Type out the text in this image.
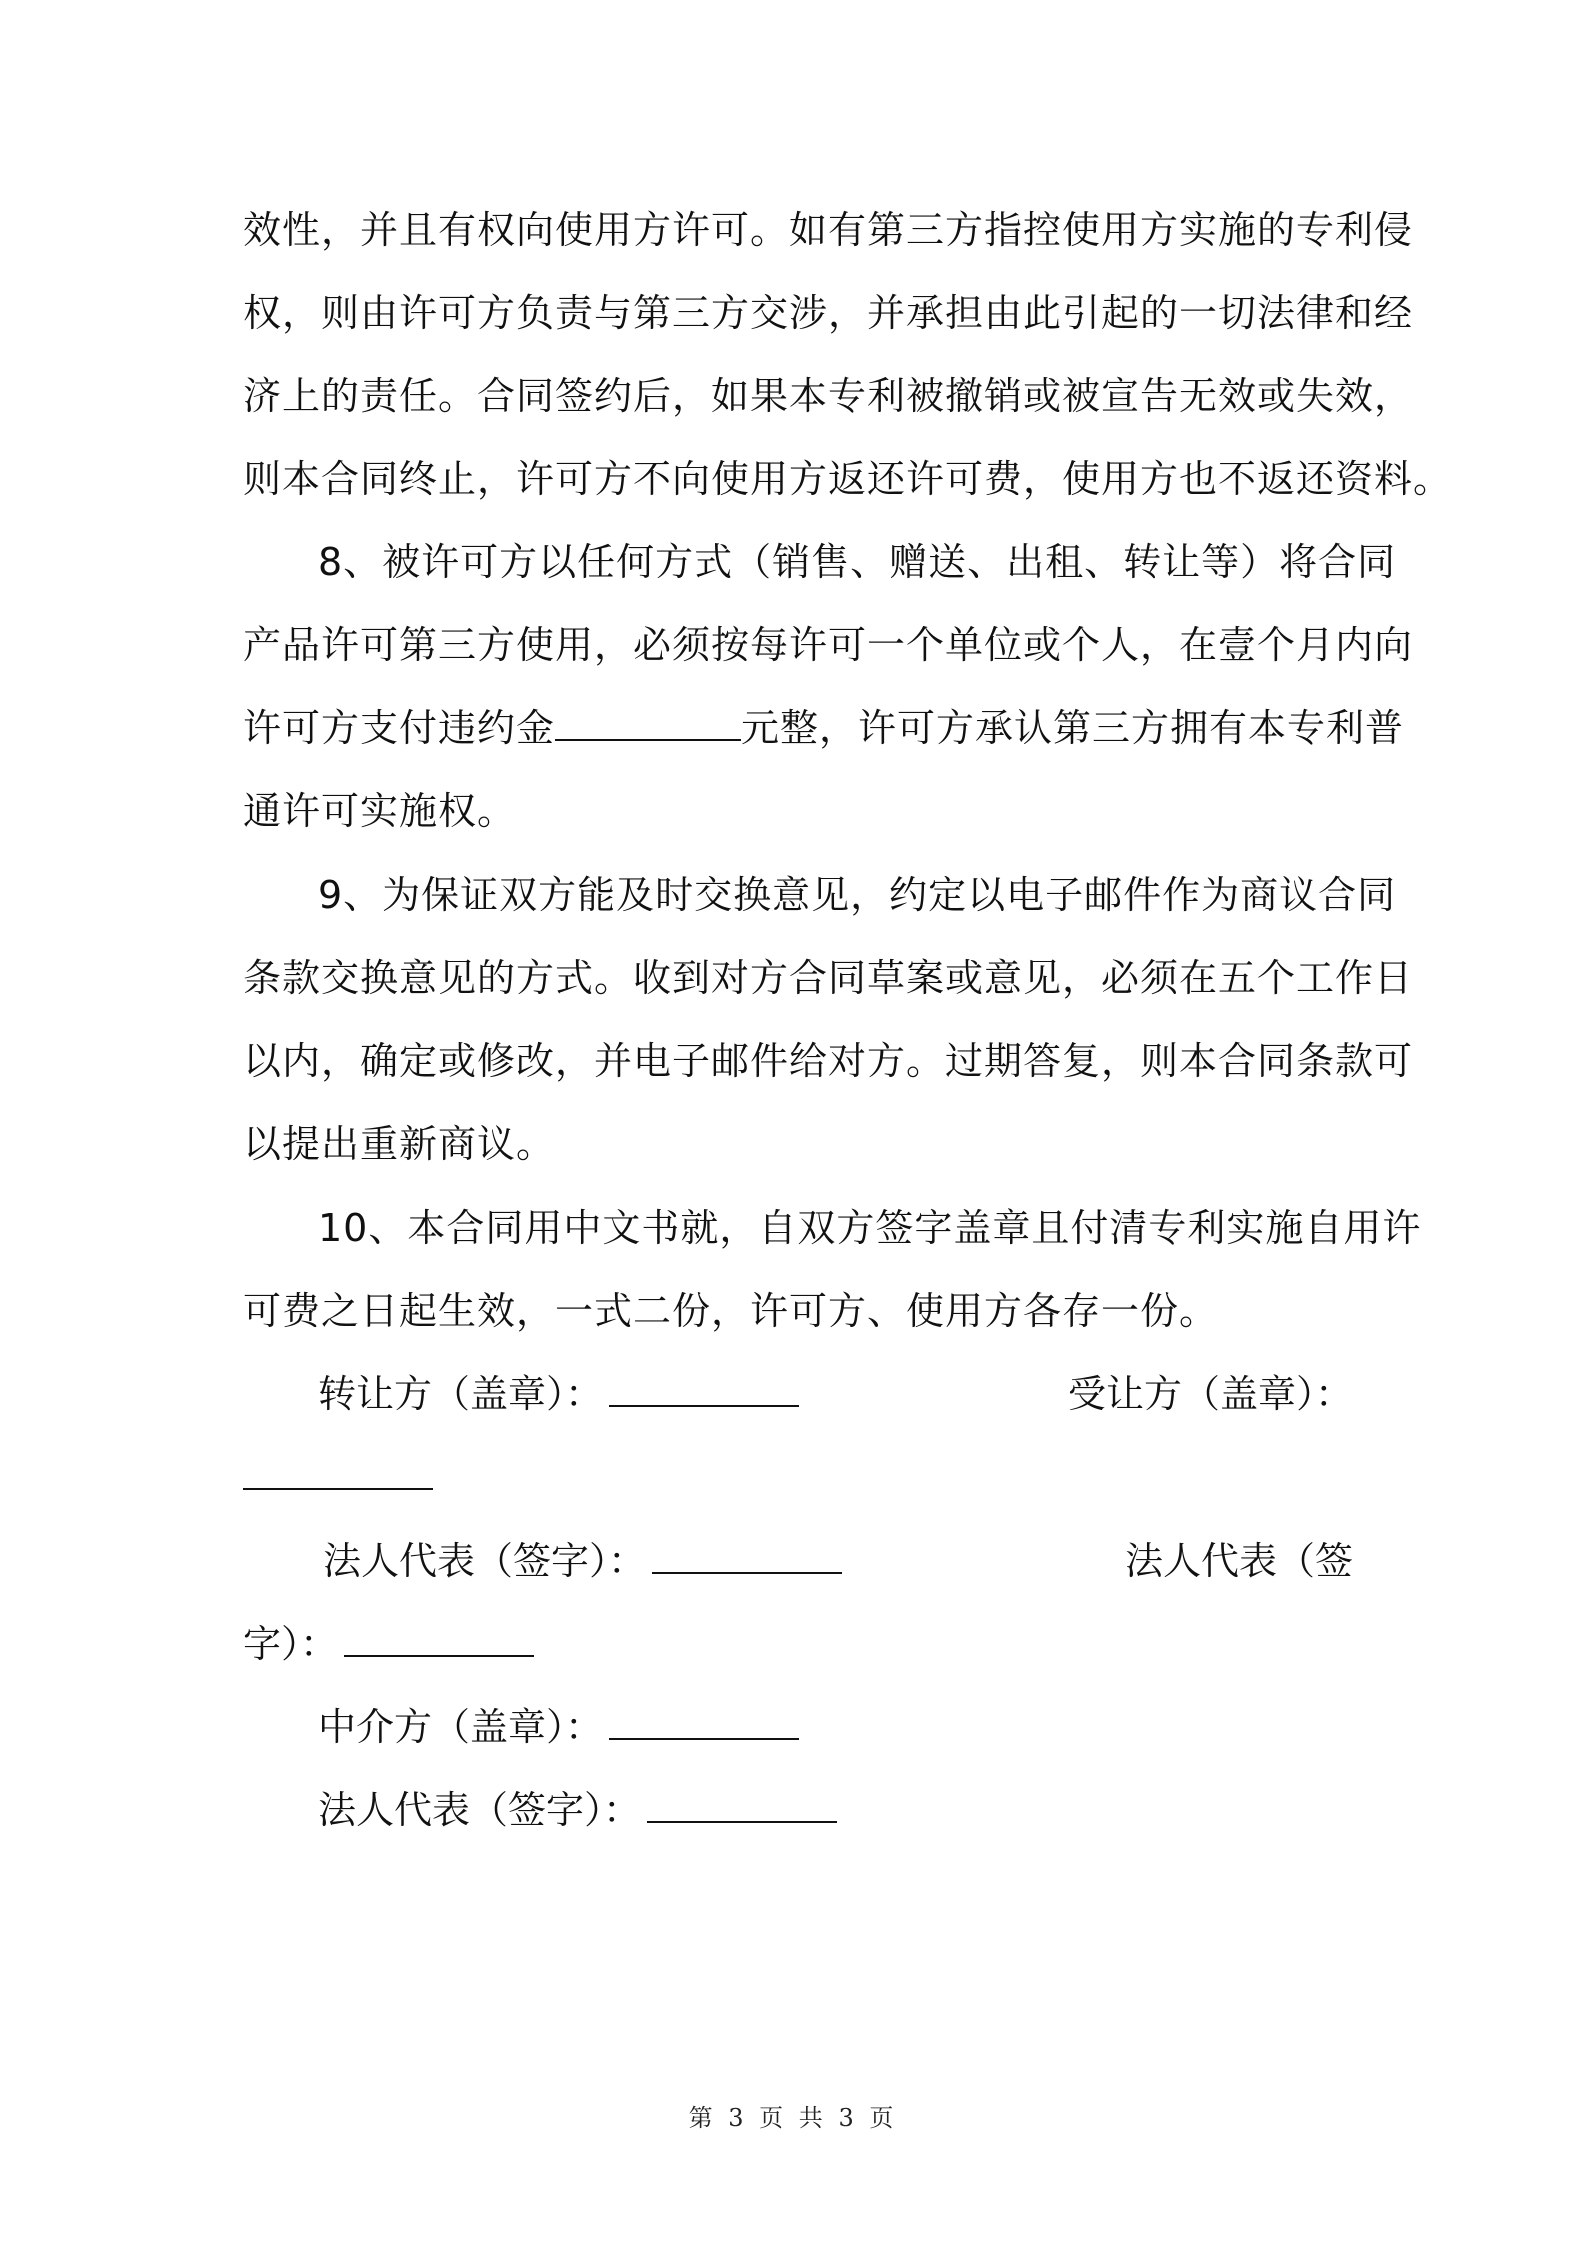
效性，并且有权向使用方许可。如有第三方指控使用方实施的专利侵
权，则由许可方负责与第三方交涉，并承担由此引起的一切法律和经
济上的责任。合同签约后，如果本专利被撤销或被宣告无效或失效，
则本合同终止，许可方不向使用方返还许可费，使用方也不返还资料。
8、被许可方以任何方式（销售、赠送、出租、转让等）将合同
产品许可第三方使用，必须按每许可一个单位或个人，在壹个月内向
许可方支付违约金	元整，许可方承认第三方拥有本专利普
通许可实施权。
9、为保证双方能及时交换意见，约定以电子邮件作为商议合同
条款交换意见的方式。收到对方合同草案或意见，必须在五个工作日
以内，确定或修改，并电子邮件给对方。过期答复，则本合同条款可
以提出重新商议。
10、本合同用中文书就，自双方签字盖章且付清专利实施自用许
可费之日起生效，一式二份，许可方、使用方各存一份。
转让方（盖章）：	受让方（盖章）：
法人代表（签字）：	法人代表（签
字）：
中介方（盖章）：
法人代表（签字）：
第 3 页 共 3 页
